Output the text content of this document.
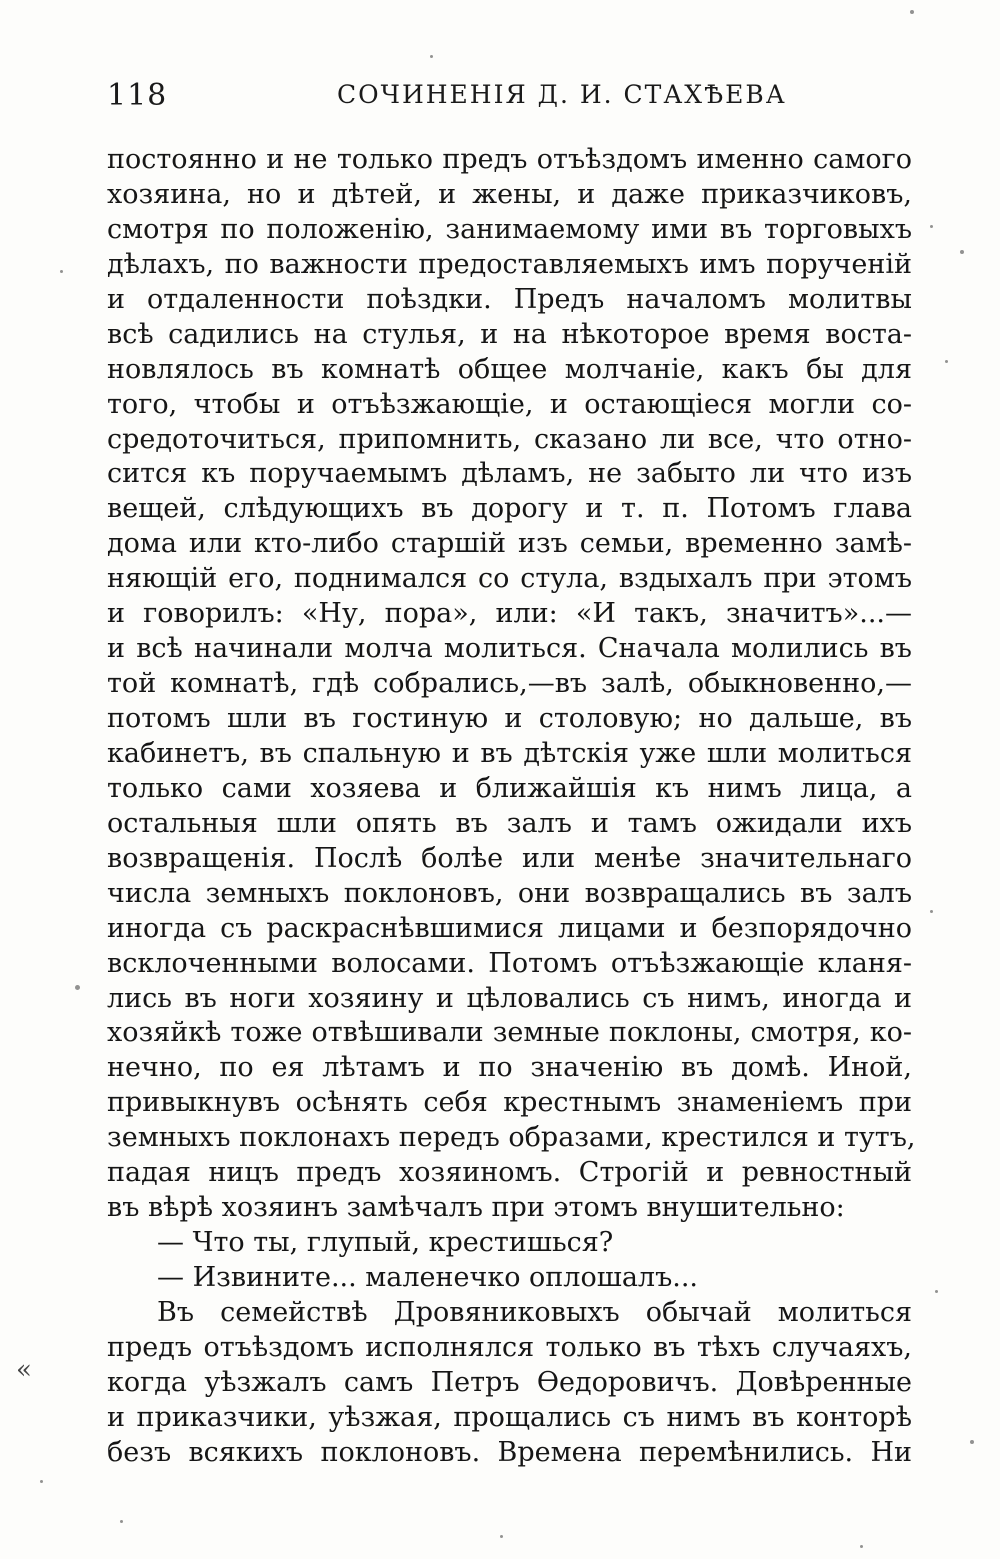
118	СОЧИНЕНІЯ Д. И. СТАХѢЕВА
постоянно и не только предъ отъѣздомъ именно самого
хозяина, но и дѣтей, и жены, и даже приказчиковъ,
смотря по положенію, занимаемому ими въ торговыхъ
дѣлахъ, по важности предоставляемыхъ имъ порученій
и отдаленности поѣздки. Предъ началомъ молитвы
всѣ садились на стулья, и на нѣкоторое время воста-
новлялось въ комнатѣ общее молчаніе, какъ бы для
того, чтобы и отъѣзжающіе, и остающіеся могли со-
средоточиться, припомнить, сказано ли все, что отно-
сится къ поручаемымъ дѣламъ, не забыто ли что изъ
вещей, слѣдующихъ въ дорогу и т. п. Потомъ глава
дома или кто-либо старшій изъ семьи, временно замѣ-
няющій его, поднимался со стула, вздыхалъ при этомъ
и говорилъ: «Ну, пора», или: «И такъ, значитъ»...—
и всѣ начинали молча молиться. Сначала молились въ
той комнатѣ, гдѣ собрались,—въ залѣ, обыкновенно,—
потомъ шли въ гостиную и столовую; но дальше, въ
кабинетъ, въ спальную и въ дѣтскія уже шли молиться
только сами хозяева и ближайшія къ нимъ лица, а
остальныя шли опять въ залъ и тамъ ожидали ихъ
возвращенія. Послѣ болѣе или менѣе значительнаго
числа земныхъ поклоновъ, они возвращались въ залъ
иногда съ раскраснѣвшимися лицами и безпорядочно
всклоченными волосами. Потомъ отъѣзжающіе кланя-
лись въ ноги хозяину и цѣловались съ нимъ, иногда и
хозяйкѣ тоже отвѣшивали земные поклоны, смотря, ко-
нечно, по ея лѣтамъ и по значенію въ домѣ. Иной,
привыкнувъ осѣнять себя крестнымъ знаменіемъ при
земныхъ поклонахъ передъ образами, крестился и тутъ,
падая ницъ предъ хозяиномъ. Строгій и ревностный
въ вѣрѣ хозяинъ замѣчалъ при этомъ внушительно:
— Что ты, глупый, крестишься?
— Извините... маленечко оплошалъ...
Въ семействѣ Дровяниковыхъ обычай молиться
предъ отъѣздомъ исполнялся только въ тѣхъ случаяхъ,
когда уѣзжалъ самъ Петръ Ѳедоровичъ. Довѣренные
и приказчики, уѣзжая, прощались съ нимъ въ конторѣ
безъ всякихъ поклоновъ. Времена перемѣнились. Ни
«
